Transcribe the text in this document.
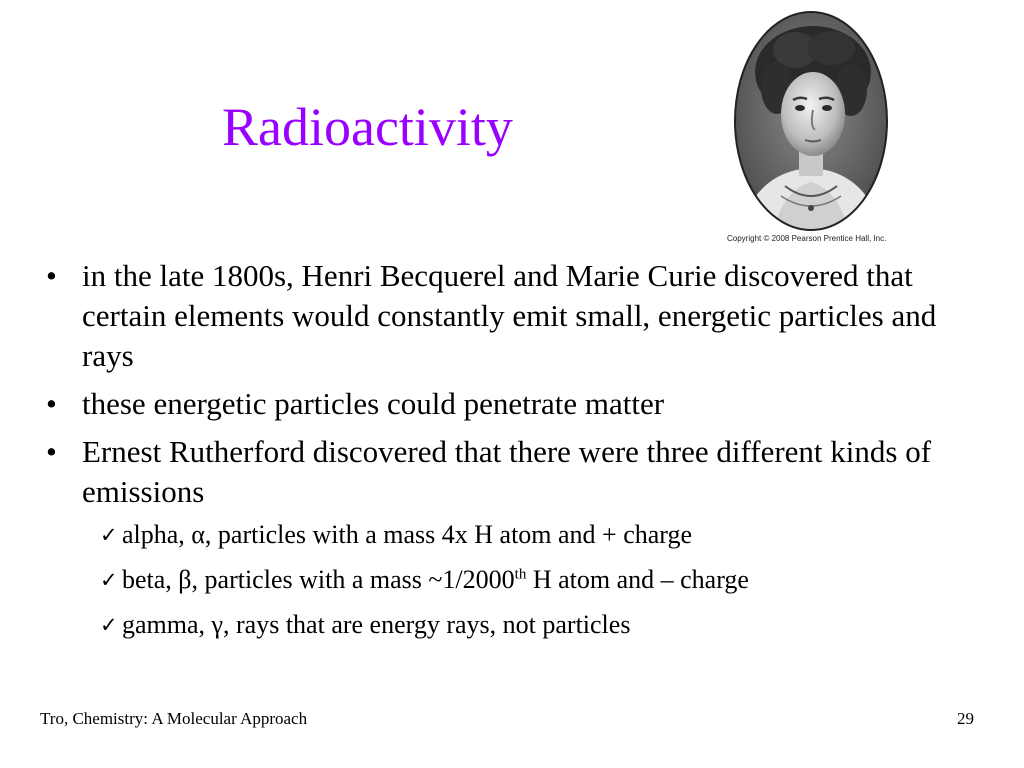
Radioactivity
Copyright © 2008 Pearson Prentice Hall, Inc.
• in the late 1800s, Henri Becquerel and Marie Curie discovered that certain elements would constantly emit small, energetic particles and rays
• these energetic particles could penetrate matter
• Ernest Rutherford discovered that there were three different kinds of emissions
✓ alpha, α, particles with a mass 4x H atom and + charge
✓ beta, β, particles with a mass ~1/2000th H atom and – charge
✓ gamma, γ, rays that are energy rays, not particles
Tro, Chemistry: A Molecular Approach	29
